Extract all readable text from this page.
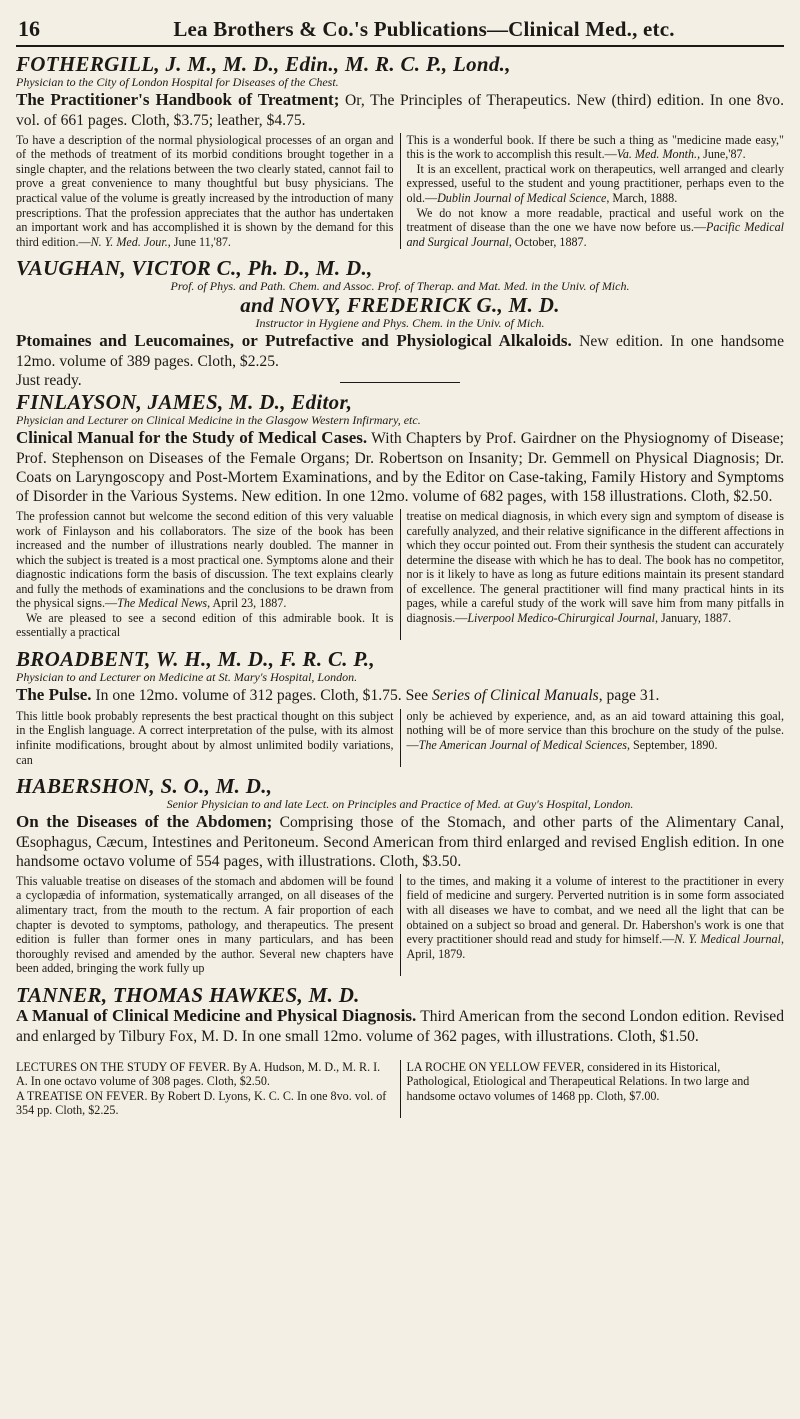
16	Lea Brothers & Co.'s Publications—Clinical Med., etc.
FOTHERGILL, J. M., M. D., Edin., M. R. C. P., Lond.,
Physician to the City of London Hospital for Diseases of the Chest.
The Practitioner's Handbook of Treatment; Or, The Principles of Therapeutics. New (third) edition. In one 8vo. vol. of 661 pages. Cloth, $3.75; leather, $4.75.

To have a description of the normal physiological processes of an organ and of the methods of treatment of its morbid conditions brought together in a single chapter, and the relations between the two clearly stated, cannot fail to prove a great convenience to many thoughtful but busy physicians. The practical value of the volume is greatly increased by the introduction of many prescriptions. That the profession appreciates that the author has undertaken an important work and has accomplished it is shown by the demand for this third edition.—N. Y. Med. Jour., June 11,'87.

This is a wonderful book. If there be such a thing as "medicine made easy," this is the work to accomplish this result.—Va. Med. Month., June,'87.

It is an excellent, practical work on therapeutics, well arranged and clearly expressed, useful to the student and young practitioner, perhaps even to the old.—Dublin Journal of Medical Science, March, 1888.

We do not know a more readable, practical and useful work on the treatment of disease than the one we have now before us.—Pacific Medical and Surgical Journal, October, 1887.

VAUGHAN, VICTOR C., Ph. D., M. D.,
Prof. of Phys. and Path. Chem. and Assoc. Prof. of Therap. and Mat. Med. in the Univ. of Mich.
and NOVY, FREDERICK G., M. D.
Instructor in Hygiene and Phys. Chem. in the Univ. of Mich.
Ptomaines and Leucomaines, or Putrefactive and Physiological Alkaloids. New edition. In one handsome 12mo. volume of 389 pages. Cloth, $2.25.
Just ready.
FINLAYSON, JAMES, M. D., Editor,
Physician and Lecturer on Clinical Medicine in the Glasgow Western Infirmary, etc.
Clinical Manual for the Study of Medical Cases. With Chapters by Prof. Gairdner on the Physiognomy of Disease; Prof. Stephenson on Diseases of the Female Organs; Dr. Robertson on Insanity; Dr. Gemmell on Physical Diagnosis; Dr. Coats on Laryngoscopy and Post-Mortem Examinations, and by the Editor on Case-taking, Family History and Symptoms of Disorder in the Various Systems. New edition. In one 12mo. volume of 682 pages, with 158 illustrations. Cloth, $2.50.

The profession cannot but welcome the second edition of this very valuable work of Finlayson and his collaborators. The size of the book has been increased and the number of illustrations nearly doubled. The manner in which the subject is treated is a most practical one. Symptoms alone and their diagnostic indications form the basis of discussion. The text explains clearly and fully the methods of examinations and the conclusions to be drawn from the physical signs.—The Medical News, April 23, 1887.

We are pleased to see a second edition of this admirable book. It is essentially a practical

treatise on medical diagnosis, in which every sign and symptom of disease is carefully analyzed, and their relative significance in the different affections in which they occur pointed out. From their synthesis the student can accurately determine the disease with which he has to deal. The book has no competitor, nor is it likely to have as long as future editions maintain its present standard of excellence. The general practitioner will find many practical hints in its pages, while a careful study of the work will save him from many pitfalls in diagnosis.—Liverpool Medico-Chirurgical Journal, January, 1887.

BROADBENT, W. H., M. D., F. R. C. P.,
Physician to and Lecturer on Medicine at St. Mary's Hospital, London.
The Pulse. In one 12mo. volume of 312 pages. Cloth, $1.75. See Series of Clinical Manuals, page 31.

This little book probably represents the best practical thought on this subject in the English language. A correct interpretation of the pulse, with its almost infinite modifications, brought about by almost unlimited bodily variations, can

only be achieved by experience, and, as an aid toward attaining this goal, nothing will be of more service than this brochure on the study of the pulse.—The American Journal of Medical Sciences, September, 1890.

HABERSHON, S. O., M. D.,
Senior Physician to and late Lect. on Principles and Practice of Med. at Guy's Hospital, London.
On the Diseases of the Abdomen; Comprising those of the Stomach, and other parts of the Alimentary Canal, Œsophagus, Cæcum, Intestines and Peritoneum. Second American from third enlarged and revised English edition. In one handsome octavo volume of 554 pages, with illustrations. Cloth, $3.50.

This valuable treatise on diseases of the stomach and abdomen will be found a cyclopædia of information, systematically arranged, on all diseases of the alimentary tract, from the mouth to the rectum. A fair proportion of each chapter is devoted to symptoms, pathology, and therapeutics. The present edition is fuller than former ones in many particulars, and has been thoroughly revised and amended by the author. Several new chapters have been added, bringing the work fully up

to the times, and making it a volume of interest to the practitioner in every field of medicine and surgery. Perverted nutrition is in some form associated with all diseases we have to combat, and we need all the light that can be obtained on a subject so broad and general. Dr. Habershon's work is one that every practitioner should read and study for himself.—N. Y. Medical Journal, April, 1879.

TANNER, THOMAS HAWKES, M. D.
A Manual of Clinical Medicine and Physical Diagnosis. Third American from the second London edition. Revised and enlarged by Tilbury Fox, M. D. In one small 12mo. volume of 362 pages, with illustrations. Cloth, $1.50.
LECTURES ON THE STUDY OF FEVER. By A. Hudson, M. D., M. R. I. A. In one octavo volume of 308 pages. Cloth, $2.50.
A TREATISE ON FEVER. By Robert D. Lyons, K. C. C. In one 8vo. vol. of 354 pp. Cloth, $2.25.
LA ROCHE ON YELLOW FEVER, considered in its Historical, Pathological, Etiological and Therapeutical Relations. In two large and handsome octavo volumes of 1468 pp. Cloth, $7.00.
